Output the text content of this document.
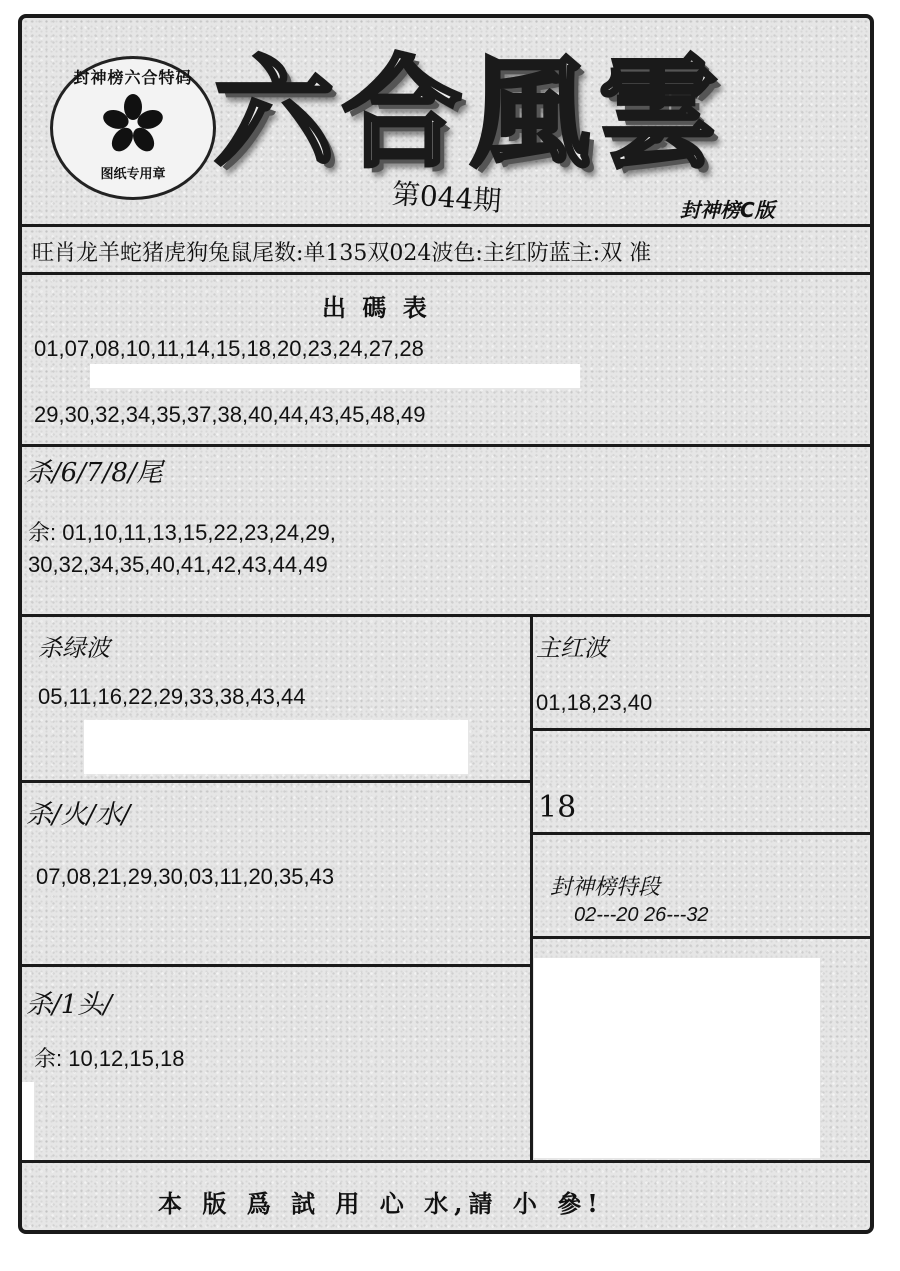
封神榜六合特码
图纸专用章 六合風雲
第044期	封神榜C版
旺肖龙羊蛇猪虎狗兔鼠尾数:单135双024波色:主红防蓝主:双 准
出 碼 表
01,07,08,10,11,14,15,18,20,23,24,27,28
29,30,32,34,35,37,38,40,44,43,45,48,49
杀/6/7/8/尾
余: 01,10,11,13,15,22,23,24,29,
30,32,34,35,40,41,42,43,44,49
杀绿波
05,11,16,22,29,33,38,43,44
主红波
01,18,23,40
18
杀/火/水/
07,08,21,29,30,03,11,20,35,43	封神榜特段
02---20 26---32
杀/1头/
余: 10,12,15,18
本 版 爲 試 用 心 水,請 小 參!
